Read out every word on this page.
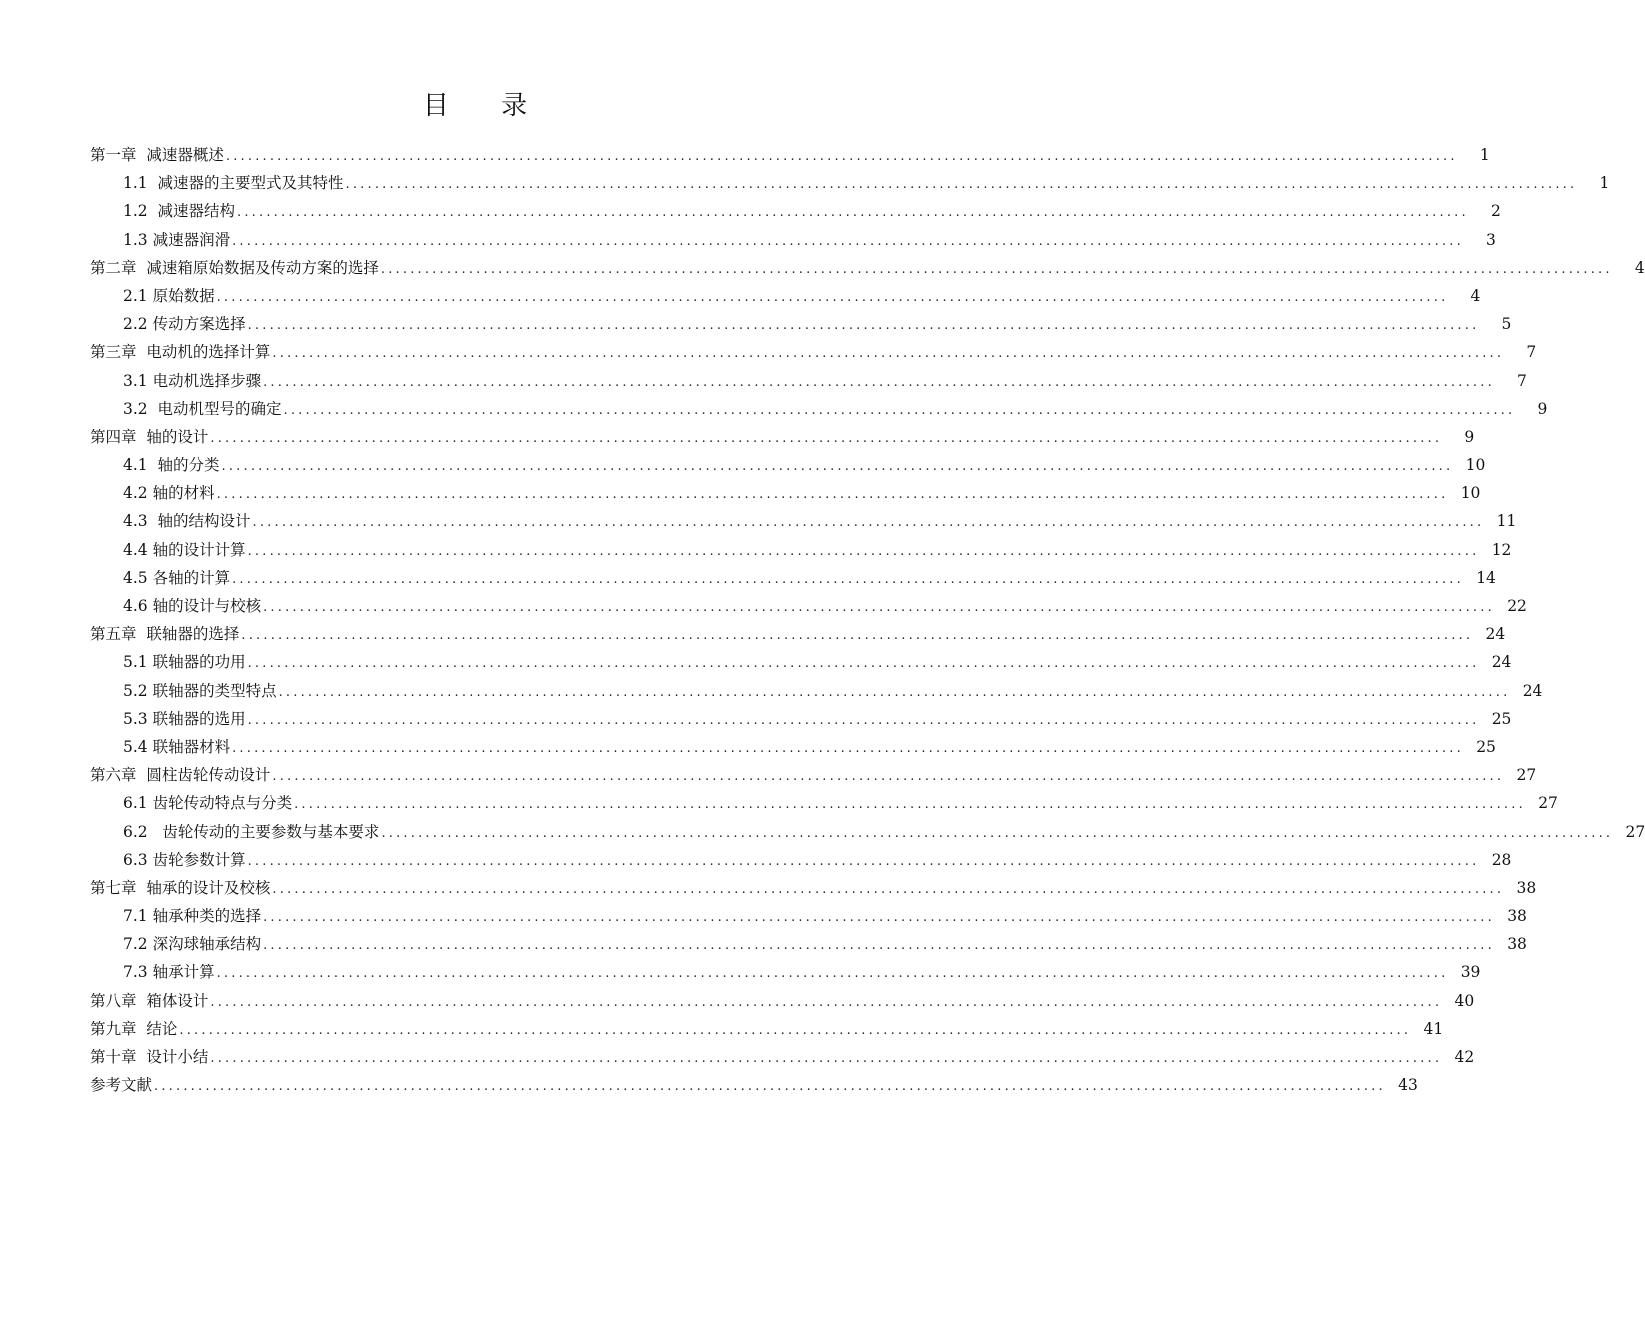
目 录
第一章  减速器概述 ........................................................................................................................................................................	1
1.1  减速器的主要型式及其特性 ........................................................................................................................................................................	1
1.2  减速器结构 ........................................................................................................................................................................	2
1.3 减速器润滑 ........................................................................................................................................................................	3
第二章  减速箱原始数据及传动方案的选择 ........................................................................................................................................................................	4
2.1 原始数据 ........................................................................................................................................................................	4
2.2 传动方案选择 ........................................................................................................................................................................	5
第三章  电动机的选择计算 ........................................................................................................................................................................	7
3.1 电动机选择步骤 ........................................................................................................................................................................	7
3.2  电动机型号的确定 ........................................................................................................................................................................	9
第四章  轴的设计 ........................................................................................................................................................................	9
4.1  轴的分类 ........................................................................................................................................................................ 10
4.2 轴的材料 ........................................................................................................................................................................ 10
4.3  轴的结构设计 ........................................................................................................................................................................ 11
4.4 轴的设计计算 ........................................................................................................................................................................ 12
4.5 各轴的计算 ........................................................................................................................................................................ 14
4.6 轴的设计与校核 ........................................................................................................................................................................ 22
第五章  联轴器的选择 ........................................................................................................................................................................ 24
5.1 联轴器的功用 ........................................................................................................................................................................ 24
5.2 联轴器的类型特点 ........................................................................................................................................................................ 24
5.3 联轴器的选用 ........................................................................................................................................................................ 25
5.4 联轴器材料 ........................................................................................................................................................................ 25
第六章  圆柱齿轮传动设计 ........................................................................................................................................................................ 27
6.1 齿轮传动特点与分类 ........................................................................................................................................................................ 27
6.2   齿轮传动的主要参数与基本要求 ........................................................................................................................................................................ 27
6.3 齿轮参数计算 ........................................................................................................................................................................ 28
第七章  轴承的设计及校核 ........................................................................................................................................................................ 38
7.1 轴承种类的选择 ........................................................................................................................................................................ 38
7.2 深沟球轴承结构 ........................................................................................................................................................................ 38
7.3 轴承计算 ........................................................................................................................................................................ 39
第八章  箱体设计 ........................................................................................................................................................................ 40
第九章  结论 ........................................................................................................................................................................ 41
第十章  设计小结 ........................................................................................................................................................................ 42
参考文献 ........................................................................................................................................................................ 43
